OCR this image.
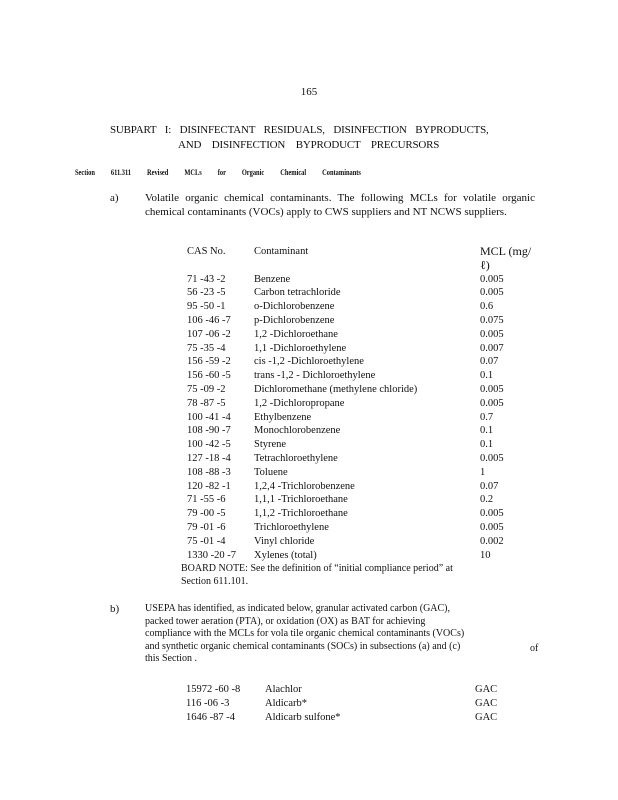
165
SUBPART I: DISINFECTANT RESIDUALS, DISINFECTION BYPRODUCTS,
AND DISINFECTION BYPRODUCT PRECURSORS
Section 611.311 Revised MCLs for Organic Chemical Contaminants
a) Volatile organic chemical contaminants. The following MCLs for volatile organic chemical contaminants (VOCs) apply to CWS suppliers and NT NCWS suppliers.
CAS No.	Contaminant	MCL (mg/ℓ)
71 -43 -2	Benzene	0.005
56 -23 -5	Carbon tetrachloride	0.005
95 -50 -1	o-Dichlorobenzene	0.6
106 -46 -7	p-Dichlorobenzene	0.075
107 -06 -2	1,2 -Dichloroethane	0.005
75 -35 -4	1,1 -Dichloroethylene	0.007
156 -59 -2	cis -1,2 -Dichloroethylene	0.07
156 -60 -5	trans -1,2 - Dichloroethylene	0.1
75 -09 -2	Dichloromethane (methylene chloride)	0.005
78 -87 -5	1,2 -Dichloropropane	0.005
100 -41 -4	Ethylbenzene	0.7
108 -90 -7	Monochlorobenzene	0.1
100 -42 -5	Styrene	0.1
127 -18 -4	Tetrachloroethylene	0.005
108 -88 -3	Toluene	1
120 -82 -1	1,2,4 -Trichlorobenzene	0.07
71 -55 -6	1,1,1 -Trichloroethane	0.2
79 -00 -5	1,1,2 -Trichloroethane	0.005
79 -01 -6	Trichloroethylene	0.005
75 -01 -4	Vinyl chloride	0.002
1330 -20 -7	Xylenes (total)	10
BOARD NOTE: See the definition of “initial compliance period” at Section 611.101.
b)	USEPA has identified, as indicated below, granular activated carbon (GAC),
packed tower aeration (PTA), or oxidation (OX) as BAT for achieving
compliance with the MCLs for vola tile organic chemical contaminants (VOCs)
and synthetic organic chemical contaminants (SOCs) in subsections (a) and (c)	of
this Section .
15972 -60 -8	Alachlor	GAC
116 -06 -3	Aldicarb*	GAC
1646 -87 -4	Aldicarb sulfone*	GAC
